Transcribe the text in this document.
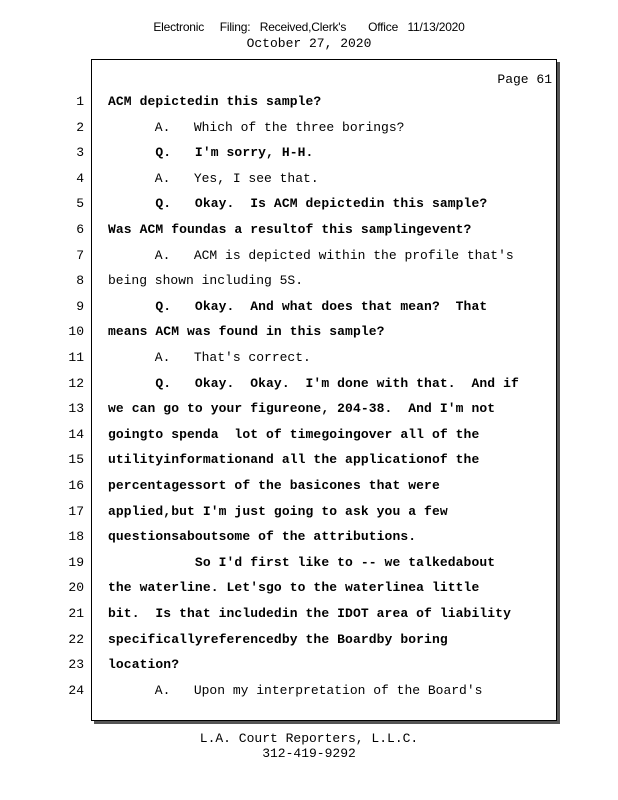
Electronic     Filing:   Received,Clerk's       Office   11/13/2020
October 27, 2020
Page 61
1 ACM depictedin this sample?
2 A.   Which of the three borings?
3 Q.   I'm sorry, H-H.
4 A.   Yes, I see that.
5 Q.   Okay.  Is ACM depictedin this sample?
6 Was ACM foundas a resultof this samplingevent?
7 A.   ACM is depicted within the profile that's
8 being shown including 5S.
9 Q.   Okay.  And what does that mean?  That
10 means ACM was found in this sample?
11 A.   That's correct.
12 Q.   Okay.  Okay.  I'm done with that.  And if
13 we can go to your figureone, 204-38.  And I'm not
14 goingto spenda  lot of timegoingover all of the
15 utilityinformationand all the applicationof the
16 percentagessort of the basicones that were
17 applied,but I'm just going to ask you a few
18 questionsaboutsome of the attributions.
19 So I'd first like to -- we talkedabout
20 the waterline. Let'sgo to the waterlinea little
21 bit.  Is that includedin the IDOT area of liability
22 specificallyreferencedby the Boardby boring
23 location?
24 A.   Upon my interpretation of the Board's
L.A. Court Reporters, L.L.C.
312-419-9292
